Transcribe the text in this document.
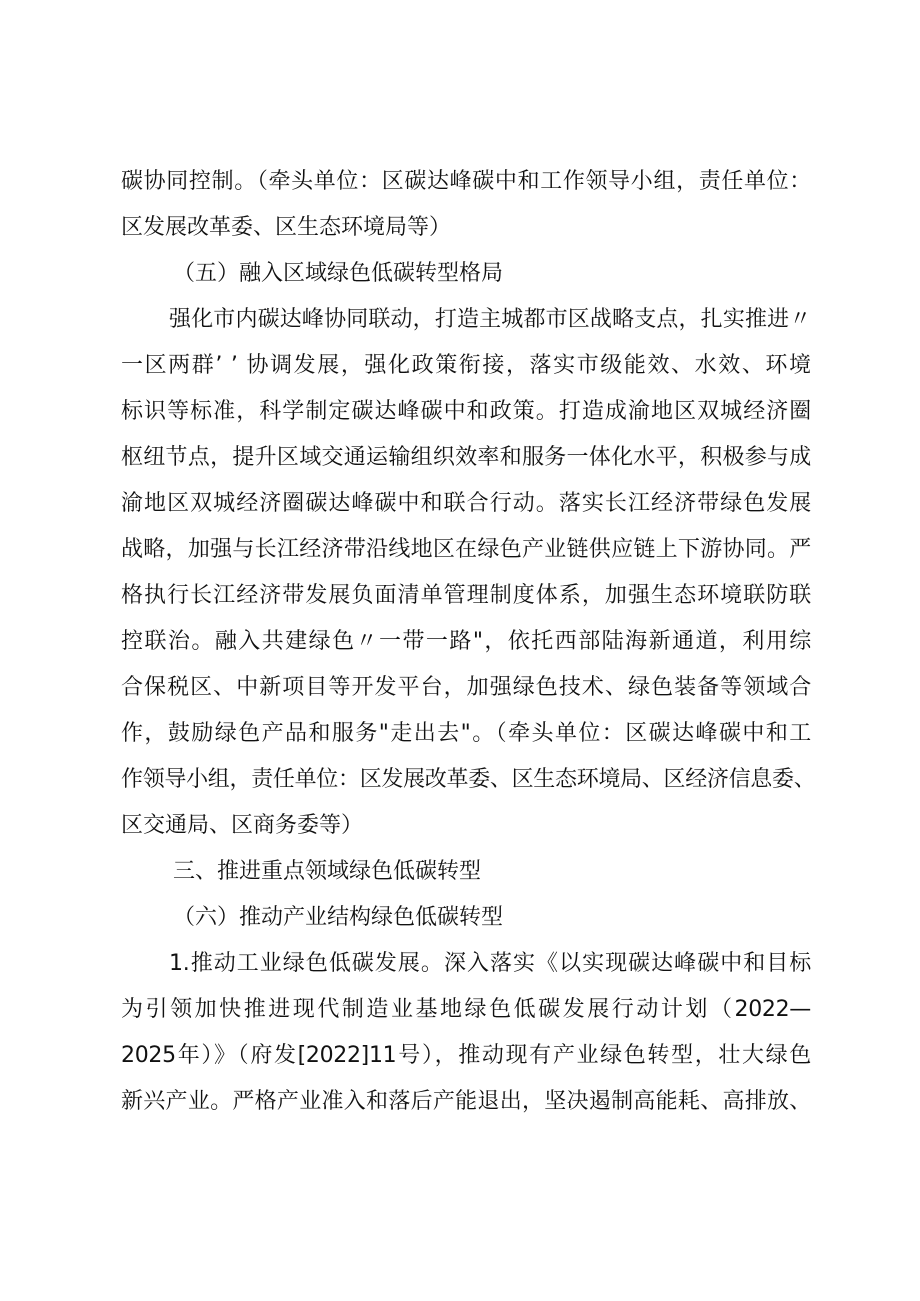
碳协同控制。（牵头单位：区碳达峰碳中和工作领导小组，责任单位：
区发展改革委、区生态环境局等）
（五）融入区域绿色低碳转型格局
强化市内碳达峰协同联动，打造主城都市区战略支点，扎实推进〃
一区两群’ ’ 协调发展，强化政策衔接，落实市级能效、水效、环境
标识等标准，科学制定碳达峰碳中和政策。打造成渝地区双城经济圈
枢纽节点，提升区域交通运输组织效率和服务一体化水平，积极参与成
渝地区双城经济圈碳达峰碳中和联合行动。落实长江经济带绿色发展
战略，加强与长江经济带沿线地区在绿色产业链供应链上下游协同。严
格执行长江经济带发展负面清单管理制度体系，加强生态环境联防联
控联治。融入共建绿色〃一带一路"，依托西部陆海新通道，利用综
合保税区、中新项目等开发平台，加强绿色技术、绿色装备等领域合
作，鼓励绿色产品和服务"走出去"。（牵头单位：区碳达峰碳中和工
作领导小组，责任单位：区发展改革委、区生态环境局、区经济信息委、
区交通局、区商务委等）
三、推进重点领域绿色低碳转型
（六）推动产业结构绿色低碳转型
1.推动工业绿色低碳发展。深入落实《以实现碳达峰碳中和目标
为引领加快推进现代制造业基地绿色低碳发展行动计划（2022—
2025年）》（府发[2022]11号），推动现有产业绿色转型，壮大绿色
新兴产业。严格产业准入和落后产能退出，坚决遏制高能耗、高排放、
